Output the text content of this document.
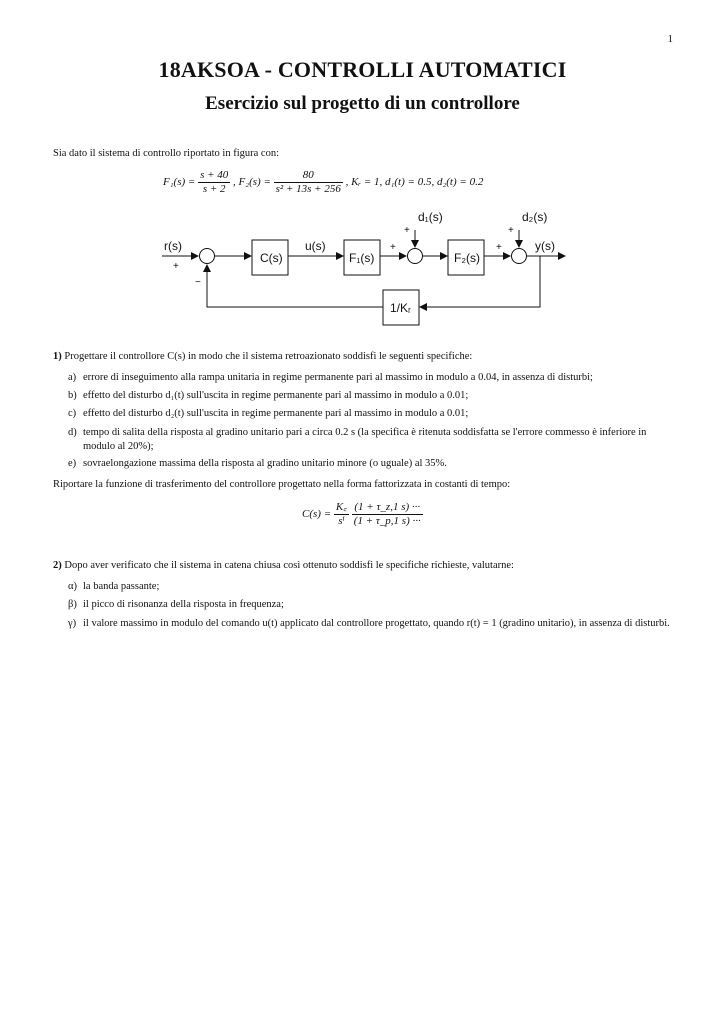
1
18AKSOA - CONTROLLI AUTOMATICI
Esercizio sul progetto di un controllore
Sia dato il sistema di controllo riportato in figura con:
$F_1(s) = \frac{s + 40}{s + 2}$ , $F_2(s) = \frac{80}{\text{s² + 13s + 256}}$ , Kᵣ = 1, d₁(t) = 0.5, d₂(t) = 0.2
r(s)	u(s)	y(s)
d₁(s)	d₂(s)
C(s)	F₁(s)	F₂(s)
1/Kᵣ
+
−
+
+
+
+
1) Progettare il controllore C(s) in modo che il sistema retroazionato soddisfi le seguenti specifiche:
a) errore di inseguimento alla rampa unitaria in regime permanente pari al massimo in modulo a 0.04, in assenza di disturbi;
b) effetto del disturbo d₁(t) sull'uscita in regime permanente pari al massimo in modulo a 0.01;
c) effetto del disturbo d₂(t) sull'uscita in regime permanente pari al massimo in modulo a 0.01;
d) tempo di salita della risposta al gradino unitario pari a circa 0.2 s (la specifica è ritenuta soddisfatta se l'errore commesso è inferiore in modulo al 20%);
e) sovraelongazione massima della risposta al gradino unitario minore (o uguale) al 35%.
Riportare la funzione di trasferimento del controllore progettato nella forma fattorizzata in costanti di tempo:
$C(s) = \frac{K꜀}{\text{sⁱ}}$
$\frac{(1 + \tau\_z,1 s) \cdot\cdot\cdot}{(1 + \tau\_p,1 s) \cdot\cdot\cdot}$
2) Dopo aver verificato che il sistema in catena chiusa così ottenuto soddisfi le specifiche richieste, valutarne:
α) la banda passante;
β) il picco di risonanza della risposta in frequenza;
γ) il valore massimo in modulo del comando u(t) applicato dal controllore progettato, quando r(t) = 1 (gradino unitario), in assenza di disturbi.
